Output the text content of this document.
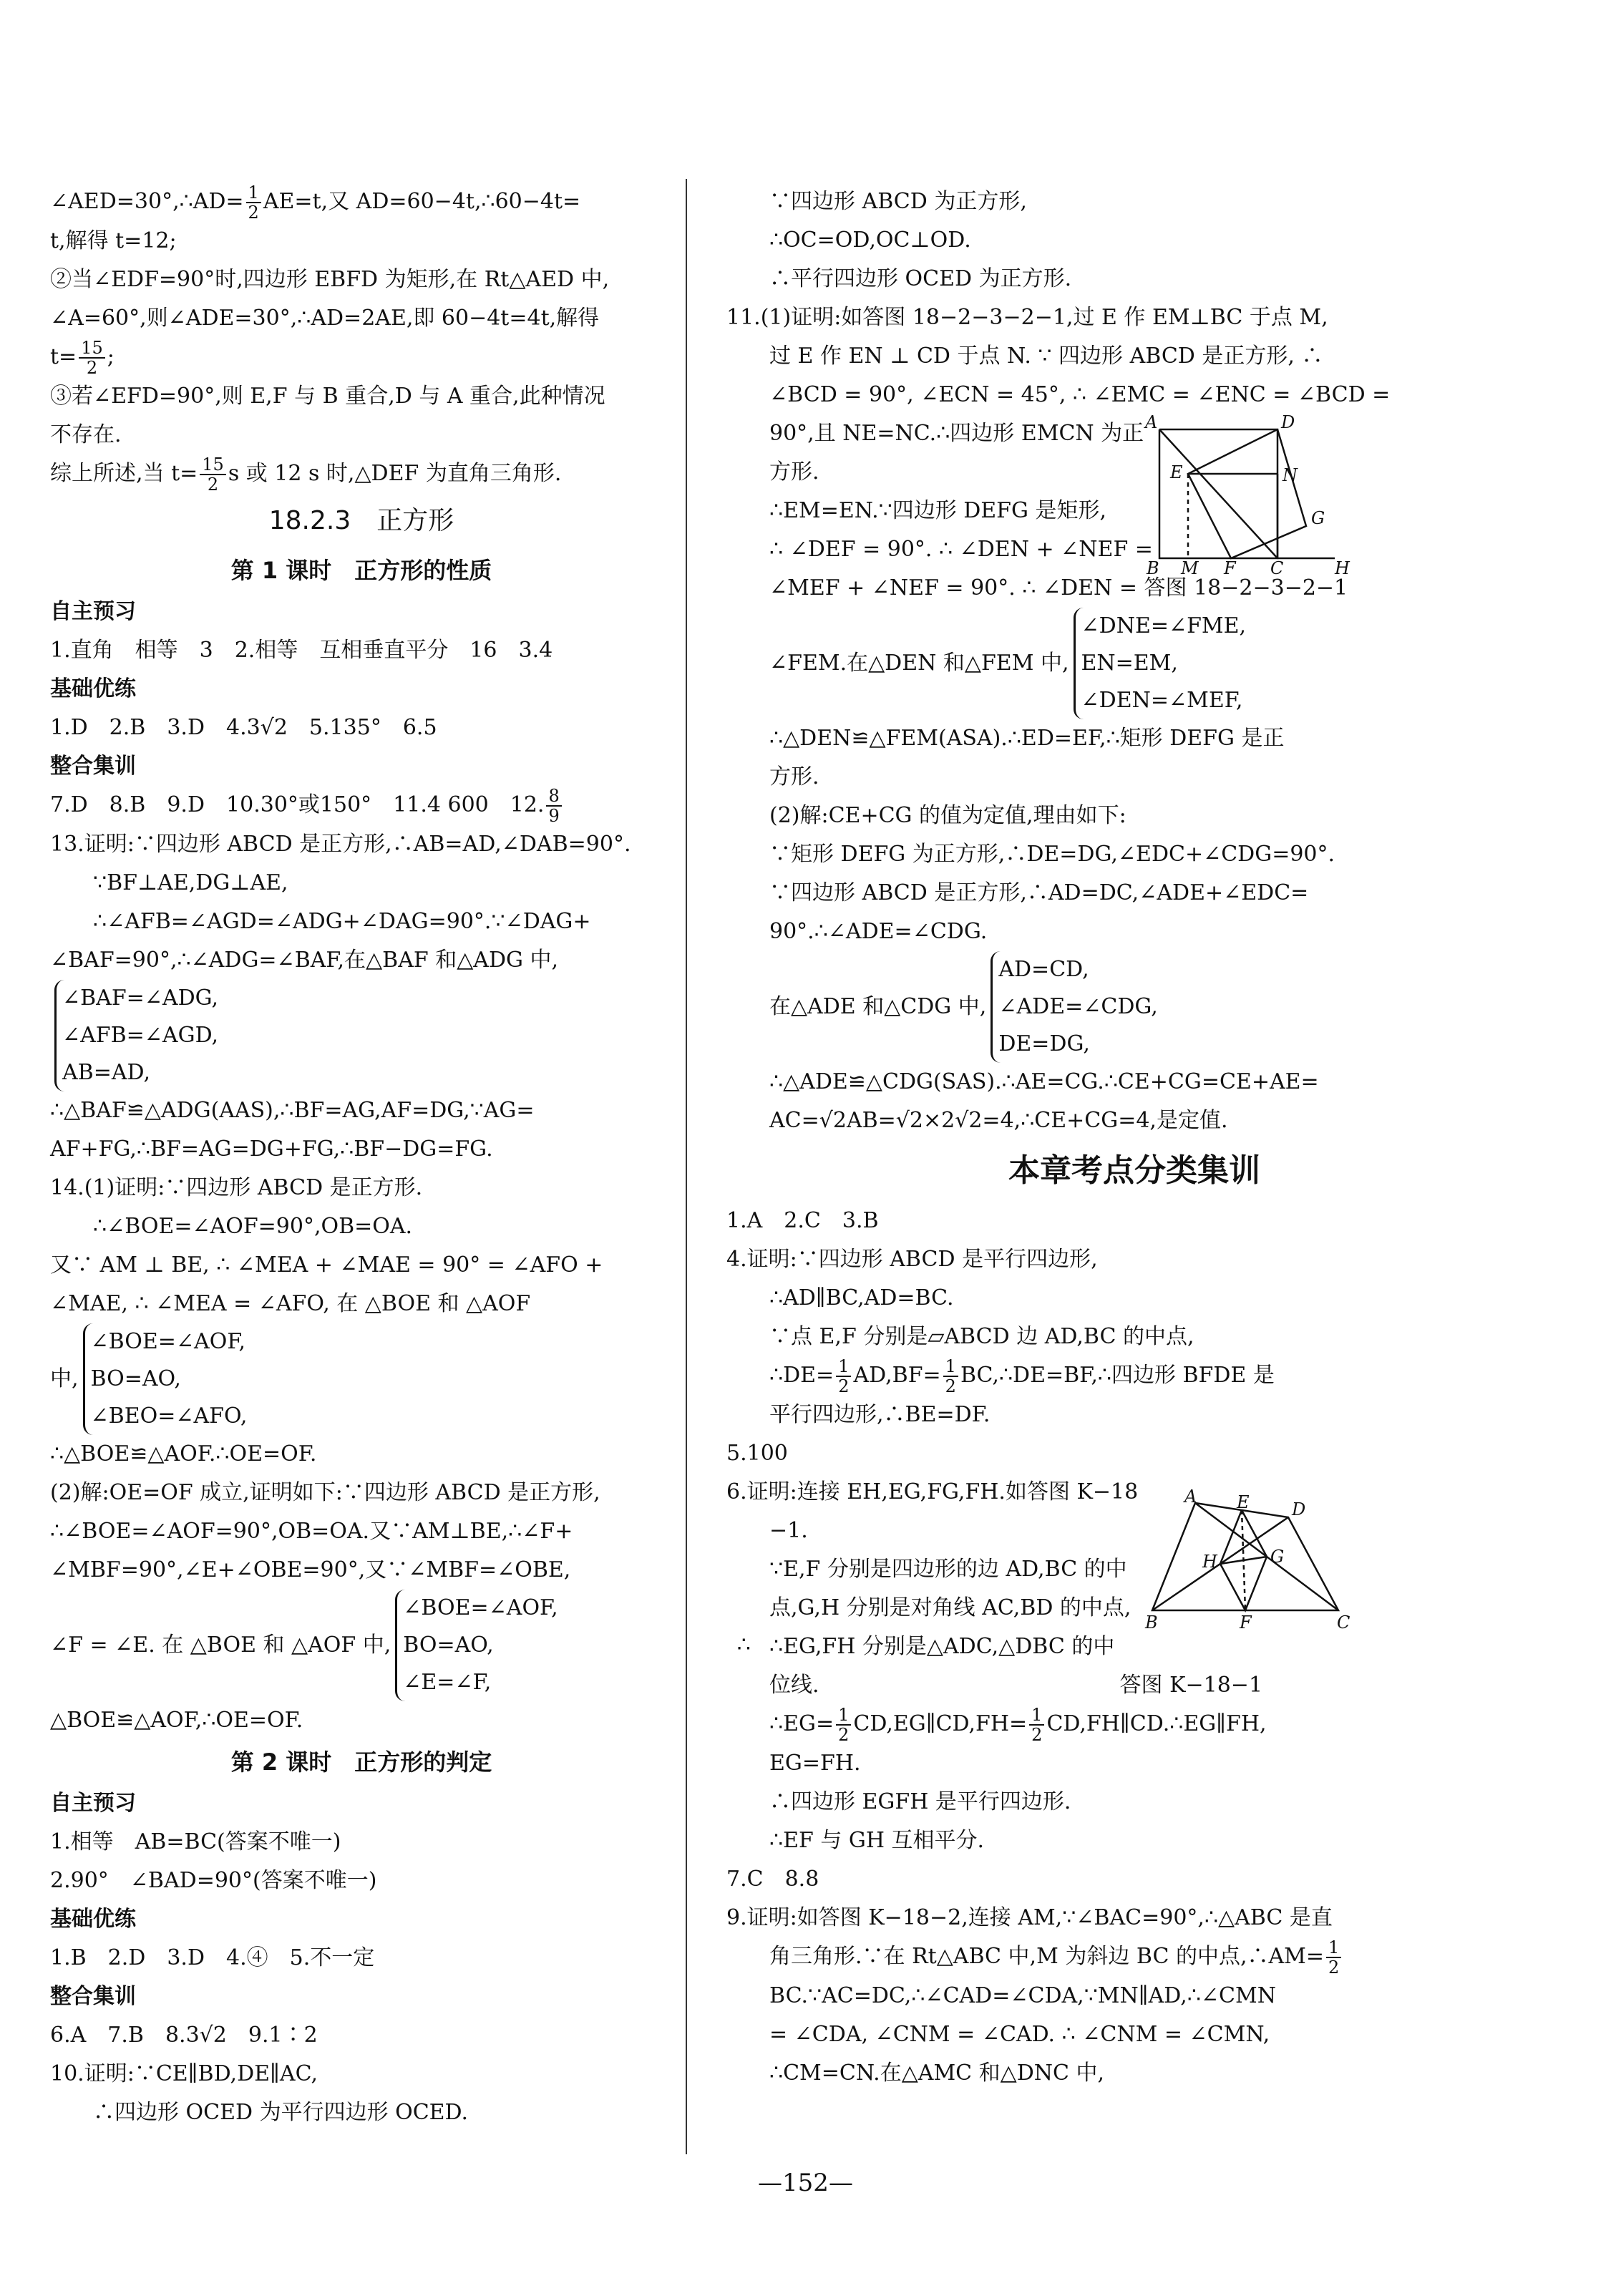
∠AED=30°,∴AD= $\frac{1}{2} AE=t$,又 AD=60−4t,∴60−4t=

t,解得 t=12;

②当∠EDF=90°时,四边形 EBFD 为矩形,在 Rt△AED 中,

∠A=60°,则∠ADE=30°,∴AD=2AE,即 60−4t=4t,解得

$t= \frac{15}{2}$ ;

③若∠EFD=90°,则 E,F 与 B 重合,D 与 A 重合,此种情况

不存在.

综上所述,当 $t= \frac{15}{2}$ s 或 12 s 时,△DEF 为直角三角形.

18.2.3　正方形

第 1 课时　正方形的性质

自主预习

1.直角　相等　3　2.相等　互相垂直平分　16　3.4

基础优练

1.D　2.B　3.D　4.3√2　5.135°　6.5

整合集训

7.D　8.B　9.D　10.30°或150°　11.4 600　12. $\frac{8}{9}$

13.证明:∵四边形 ABCD 是正方形,∴AB=AD,∠DAB=90°.

∵BF⊥AE,DG⊥AE,

∴∠AFB=∠AGD=∠ADG+∠DAG=90°.∵∠DAG+

∠BAF=90°,∴∠ADG=∠BAF,在△BAF 和△ADG 中,

∠BAF=∠ADG,
∠AFB=∠AGD,
AB=AD,

∴△BAF≌△ADG(AAS),∴BF=AG,AF=DG,∵AG=

AF+FG,∴BF=AG=DG+FG,∴BF−DG=FG.

14.(1)证明:∵四边形 ABCD 是正方形.

∴∠BOE=∠AOF=90°,OB=OA.

又∵ AM ⊥ BE, ∴ ∠MEA + ∠MAE = 90° = ∠AFO +

∠MAE, ∴ ∠MEA = ∠AFO, 在 △BOE 和 △AOF

中,
∠BOE=∠AOF,
BO=AO,
∠BEO=∠AFO,

∴△BOE≌△AOF.∴OE=OF.

(2)解:OE=OF 成立,证明如下:∵四边形 ABCD 是正方形,

∴∠BOE=∠AOF=90°,OB=OA.又∵AM⊥BE,∴∠F+

∠MBF=90°,∠E+∠OBE=90°,又∵∠MBF=∠OBE,

∠F = ∠E. 在 △BOE 和 △AOF 中,
∠BOE=∠AOF,
BO=AO,
∠E=∠F,
∴

△BOE≌△AOF,∴OE=OF.

第 2 课时　正方形的判定

自主预习

1.相等　AB=BC(答案不唯一)

2.90°　∠BAD=90°(答案不唯一)

基础优练

1.B　2.D　3.D　4.④　5.不一定

整合集训

6.A　7.B　8.3√2　9.1∶2

10.证明:∵CE∥BD,DE∥AC,

∴四边形 OCED 为平行四边形 OCED.

∵四边形 ABCD 为正方形,

∴OC=OD,OC⊥OD.

∴平行四边形 OCED 为正方形.

11.(1)证明:如答图 18−2−3−2−1,过 E 作 EM⊥BC 于点 M,

过 E 作 EN ⊥ CD 于点 N. ∵ 四边形 ABCD 是正方形, ∴

∠BCD = 90°, ∠ECN = 45°, ∴ ∠EMC = ∠ENC = ∠BCD =

90°,且 NE=NC.∴四边形 EMCN 为正

方形.

∴EM=EN.∵四边形 DEFG 是矩形,

∴ ∠DEF = 90°. ∴ ∠DEN + ∠NEF =

∠MEF + ∠NEF = 90°. ∴ ∠DEN = 答图 18−2−3−2−1

∠FEM.在△DEN 和△FEM 中,
∠DNE=∠FME,
EN=EM,
∠DEN=∠MEF,

∴△DEN≌△FEM(ASA).∴ED=EF,∴矩形 DEFG 是正

方形.

(2)解:CE+CG 的值为定值,理由如下:

∵矩形 DEFG 为正方形,∴DE=DG,∠EDC+∠CDG=90°.

∵四边形 ABCD 是正方形,∴AD=DC,∠ADE+∠EDC=

90°.∴∠ADE=∠CDG.

在△ADE 和△CDG 中,
AD=CD,
∠ADE=∠CDG,
DE=DG,

∴△ADE≌△CDG(SAS).∴AE=CG.∴CE+CG=CE+AE=

AC=√2AB=√2×2√2=4,∴CE+CG=4,是定值.

本章考点分类集训

1.A　2.C　3.B

4.证明:∵四边形 ABCD 是平行四边形,

∴AD∥BC,AD=BC.

∵点 E,F 分别是▱ABCD 边 AD,BC 的中点,

∴DE= $\frac{1}{2} AD,BF= \frac{1}{2}$ BC,∴DE=BF,∴四边形 BFDE 是

平行四边形,∴BE=DF.

5.100

6.证明:连接 EH,EG,FG,FH.如答图 K−18

−1.

∵E,F 分别是四边形的边 AD,BC 的中

点,G,H 分别是对角线 AC,BD 的中点,

∴EG,FH 分别是△ADC,△DBC 的中

位线.	答图 K−18−1

∴EG= $\frac{1}{2}$ CD,EG∥CD,FH= $\frac{1}{2}$ CD,FH∥CD.∴EG∥FH,

EG=FH.

∴四边形 EGFH 是平行四边形.

∴EF 与 GH 互相平分.

7.C　8.8

9.证明:如答图 K−18−2,连接 AM,∵∠BAC=90°,∴△ABC 是直

角三角形.∵在 Rt△ABC 中,M 为斜边 BC 的中点,∴AM= $\frac{1}{2}$

BC.∵AC=DC,∴∠CAD=∠CDA,∵MN∥AD,∴∠CMN

= ∠CDA, ∠CNM = ∠CAD. ∴ ∠CNM = ∠CMN,

∴CM=CN.在△AMC 和△DNC 中,

A	D
E	N
G
B M F C	H
A E D
H	G
B	F	C
—152—
